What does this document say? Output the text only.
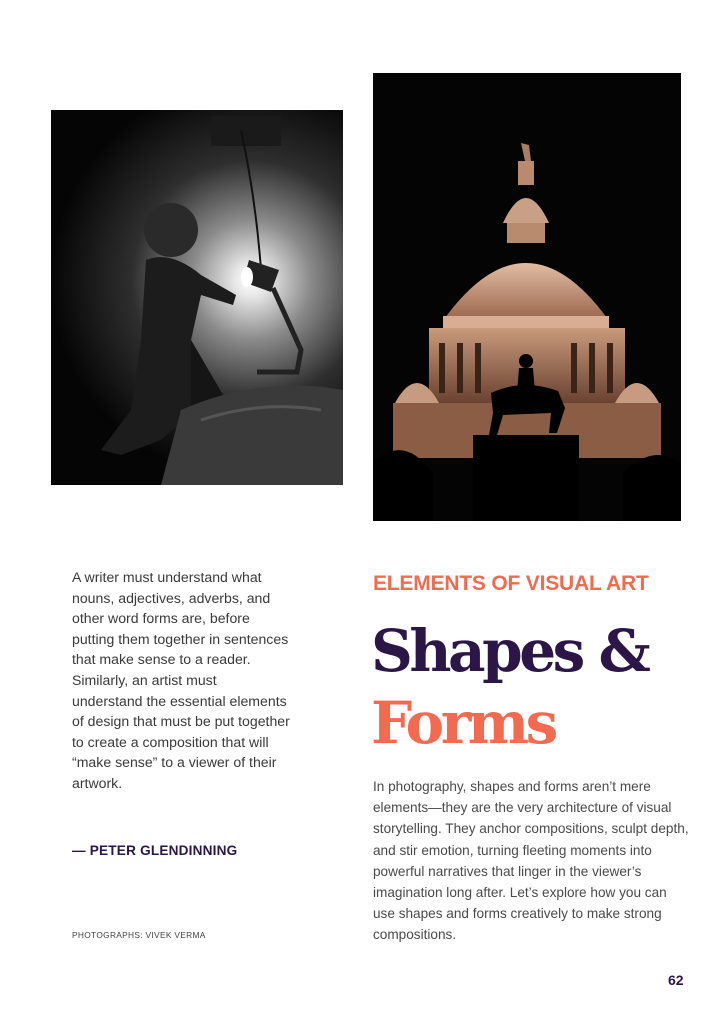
A writer must understand what nouns, adjectives, adverbs, and other word forms are, before putting them together in sentences that make sense to a reader. Similarly, an artist must understand the essential elements of design that must be put together to create a composition that will “make sense” to a viewer of their artwork.

— PETER GLENDINNING

PHOTOGRAPHS: VIVEK VERMA

ELEMENTS OF VISUAL ART

Shapes &
Forms

In photography, shapes and forms aren’t mere elements—they are the very architecture of visual storytelling. They anchor compositions, sculpt depth, and stir emotion, turning fleeting moments into powerful narratives that linger in the viewer’s imagination long after. Let’s explore how you can use shapes and forms creatively to make strong compositions.

62
